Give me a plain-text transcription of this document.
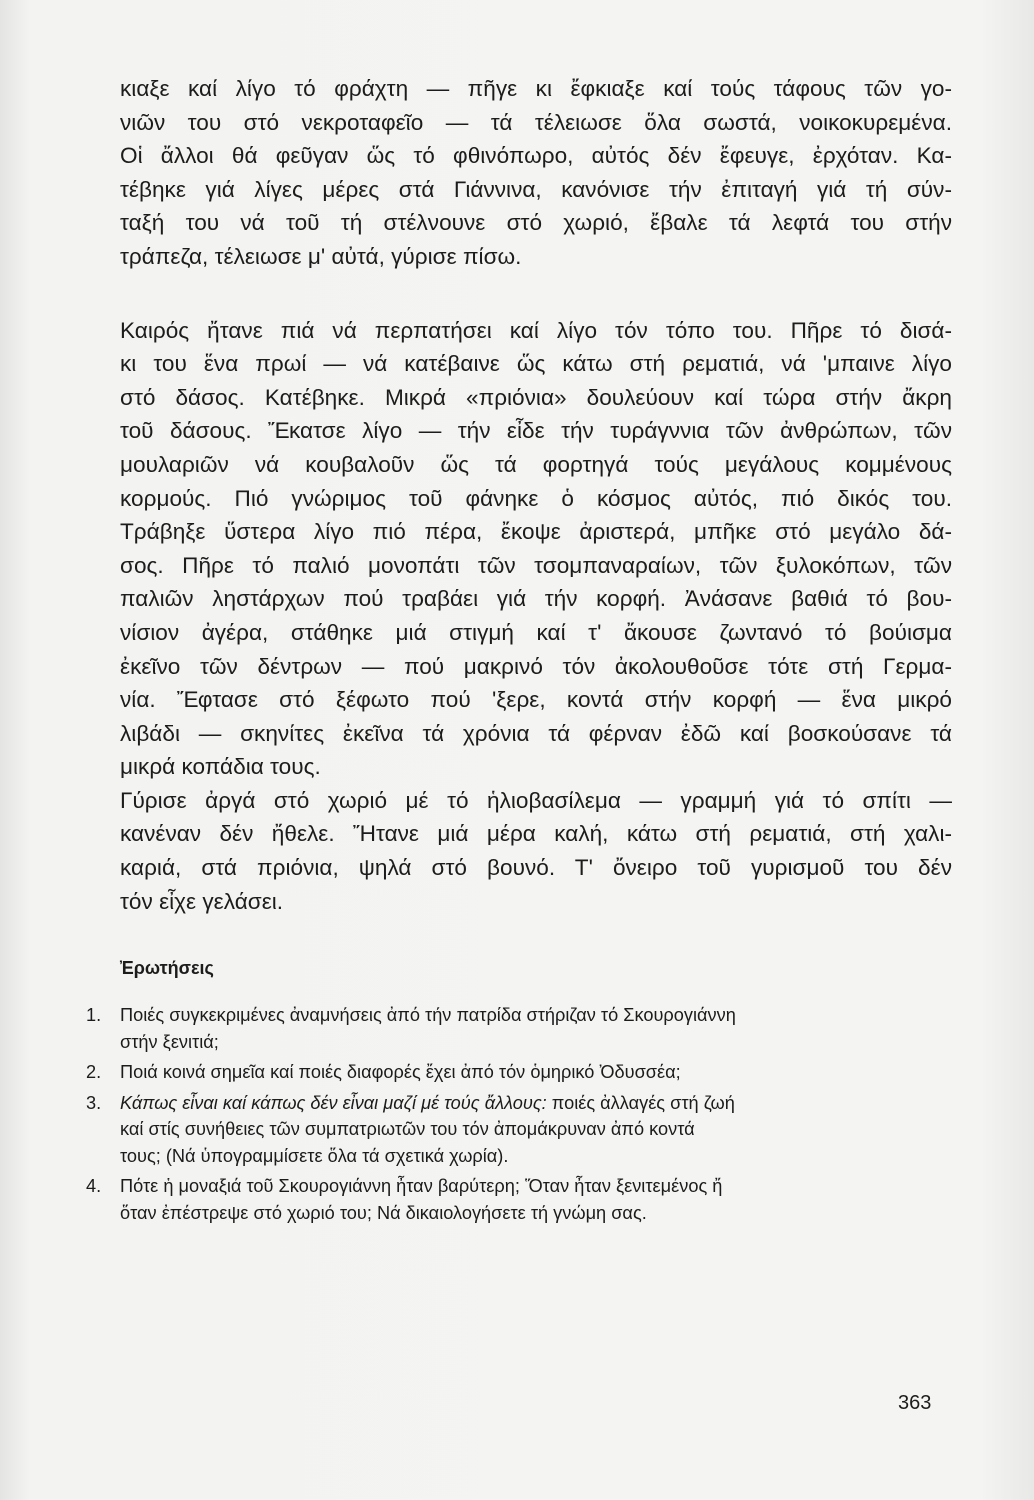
κιαξε καί λίγο τό φράχτη — πῆγε κι ἔφκιαξε καί τούς τάφους τῶν γο-
νιῶν του στό νεκροταφεῖο — τά τέλειωσε ὅλα σωστά, νοικοκυρεμένα.
Οἱ ἄλλοι θά φεῦγαν ὥς τό φθινόπωρο, αὐτός δέν ἔφευγε, ἐρχόταν. Κα-
τέβηκε γιά λίγες μέρες στά Γιάννινα, κανόνισε τήν ἐπιταγή γιά τή σύν-
ταξή του νά τοῦ τή στέλνουνε στό χωριό, ἔβαλε τά λεφτά του στήν
τράπεζα, τέλειωσε μ' αὐτά, γύρισε πίσω.

Καιρός ἤτανε πιά νά περπατήσει καί λίγο τόν τόπο του. Πῆρε τό δισά-
κι του ἕνα πρωί — νά κατέβαινε ὥς κάτω στή ρεματιά, νά 'μπαινε λίγο
στό δάσος. Κατέβηκε. Μικρά «πριόνια» δουλεύουν καί τώρα στήν ἄκρη
τοῦ δάσους. Ἔκατσε λίγο — τήν εἶδε τήν τυράγννια τῶν ἀνθρώπων, τῶν
μουλαριῶν νά κουβαλοῦν ὥς τά φορτηγά τούς μεγάλους κομμένους
κορμούς. Πιό γνώριμος τοῦ φάνηκε ὁ κόσμος αὐτός, πιό δικός του.
Τράβηξε ὕστερα λίγο πιό πέρα, ἔκοψε ἀριστερά, μπῆκε στό μεγάλο δά-
σος. Πῆρε τό παλιό μονοπάτι τῶν τσομπαναραίων, τῶν ξυλοκόπων, τῶν
παλιῶν ληστάρχων πού τραβάει γιά τήν κορφή. Ἀνάσανε βαθιά τό βου-
νίσιον ἀγέρα, στάθηκε μιά στιγμή καί τ' ἄκουσε ζωντανό τό βούισμα
ἐκεῖνο τῶν δέντρων — πού μακρινό τόν ἀκολουθοῦσε τότε στή Γερμα-
νία. Ἔφτασε στό ξέφωτο πού 'ξερε, κοντά στήν κορφή — ἕνα μικρό
λιβάδι — σκηνίτες ἐκεῖνα τά χρόνια τά φέρναν ἐδῶ καί βοσκούσανε τά
μικρά κοπάδια τους.

Γύρισε ἀργά στό χωριό μέ τό ἡλιοβασίλεμα — γραμμή γιά τό σπίτι —
κανέναν δέν ἤθελε. Ἤτανε μιά μέρα καλή, κάτω στή ρεματιά, στή χαλι-
καριά, στά πριόνια, ψηλά στό βουνό. Τ' ὄνειρο τοῦ γυρισμοῦ του δέν
τόν εἶχε γελάσει.

Ἐρωτήσεις
1. Ποιές συγκεκριμένες ἀναμνήσεις ἀπό τήν πατρίδα στήριζαν τό Σκουρογιάννη
στήν ξενιτιά;
2. Ποιά κοινά σημεῖα καί ποιές διαφορές ἔχει ἀπό τόν ὁμηρικό Ὀδυσσέα;
3. Κάπως εἶναι καί κάπως δέν εἶναι μαζί μέ τούς ἄλλους: ποιές ἀλλαγές στή ζωή
καί στίς συνήθειες τῶν συμπατριωτῶν του τόν ἀπομάκρυναν ἀπό κοντά
τους; (Νά ὑπογραμμίσετε ὅλα τά σχετικά χωρία).
4. Πότε ἡ μοναξιά τοῦ Σκουρογιάννη ἦταν βαρύτερη; Ὅταν ἦταν ξενιτεμένος ἤ
ὅταν ἐπέστρεψε στό χωριό του; Νά δικαιολογήσετε τή γνώμη σας.
363
